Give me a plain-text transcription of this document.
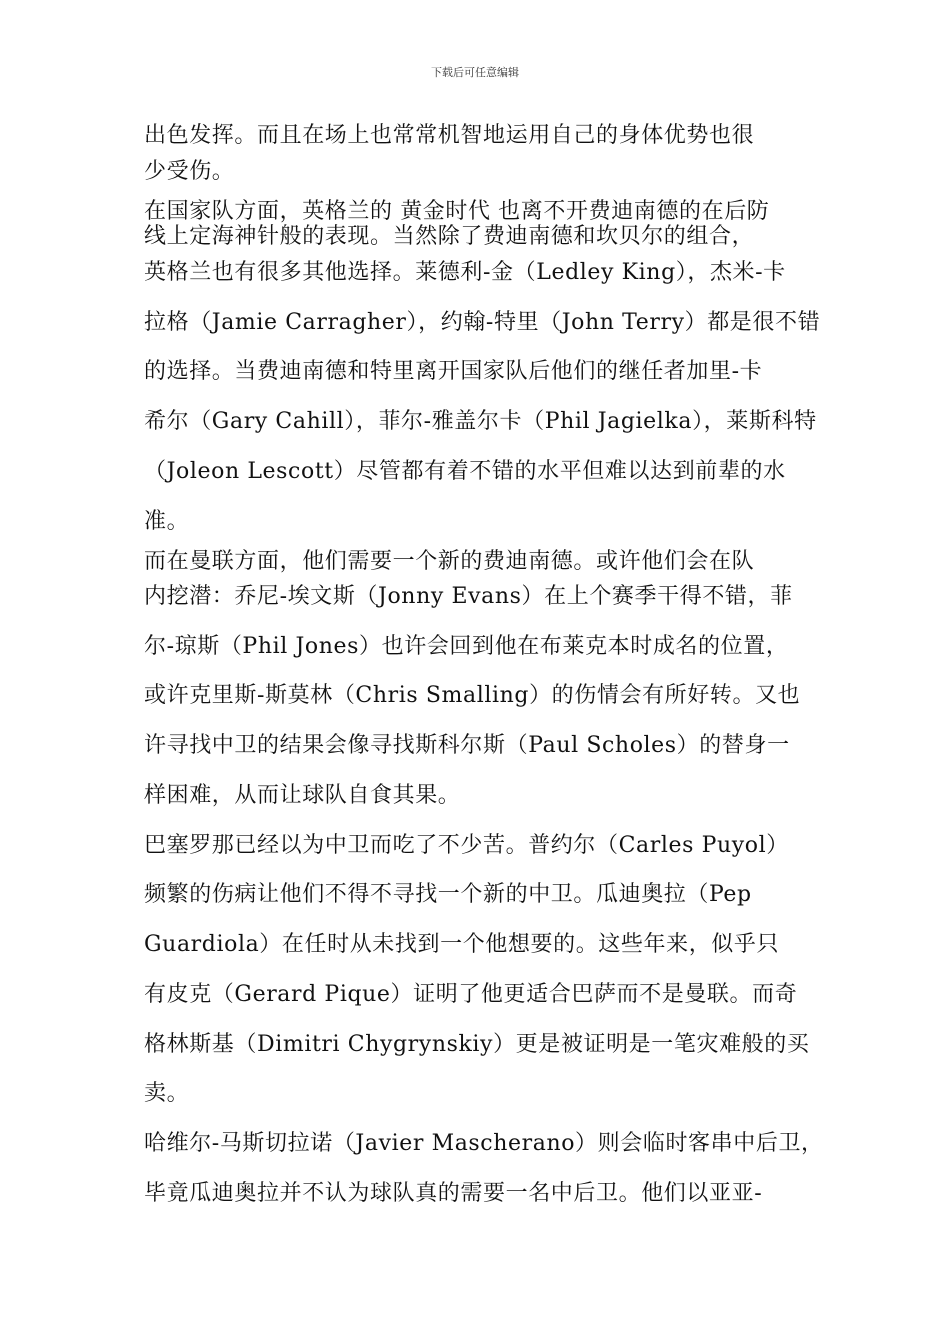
下载后可任意编辑
出色发挥。而且在场上也常常机智地运用自己的身体优势也很
少受伤。
在国家队方面，英格兰的 黄金时代 也离不开费迪南德的在后防
线上定海神针般的表现。当然除了费迪南德和坎贝尔的组合，
英格兰也有很多其他选择。莱德利-金（Ledley King），杰米-卡
拉格（Jamie Carragher），约翰-特里（John Terry）都是很不错
的选择。当费迪南德和特里离开国家队后他们的继任者加里-卡
希尔（Gary Cahill），菲尔-雅盖尔卡（Phil Jagielka），莱斯科特
（Joleon Lescott）尽管都有着不错的水平但难以达到前辈的水
准。
而在曼联方面，他们需要一个新的费迪南德。或许他们会在队
内挖潜：乔尼-埃文斯（Jonny Evans）在上个赛季干得不错，菲
尔-琼斯（Phil Jones）也许会回到他在布莱克本时成名的位置，
或许克里斯-斯莫林（Chris Smalling）的伤情会有所好转。又也
许寻找中卫的结果会像寻找斯科尔斯（Paul Scholes）的替身一
样困难，从而让球队自食其果。
巴塞罗那已经以为中卫而吃了不少苦。普约尔（Carles Puyol）
频繁的伤病让他们不得不寻找一个新的中卫。瓜迪奥拉（Pep
Guardiola）在任时从未找到一个他想要的。这些年来，似乎只
有皮克（Gerard Pique）证明了他更适合巴萨而不是曼联。而奇
格林斯基（Dimitri Chygrynskiy）更是被证明是一笔灾难般的买
卖。
哈维尔-马斯切拉诺（Javier Mascherano）则会临时客串中后卫，
毕竟瓜迪奥拉并不认为球队真的需要一名中后卫。他们以亚亚-
